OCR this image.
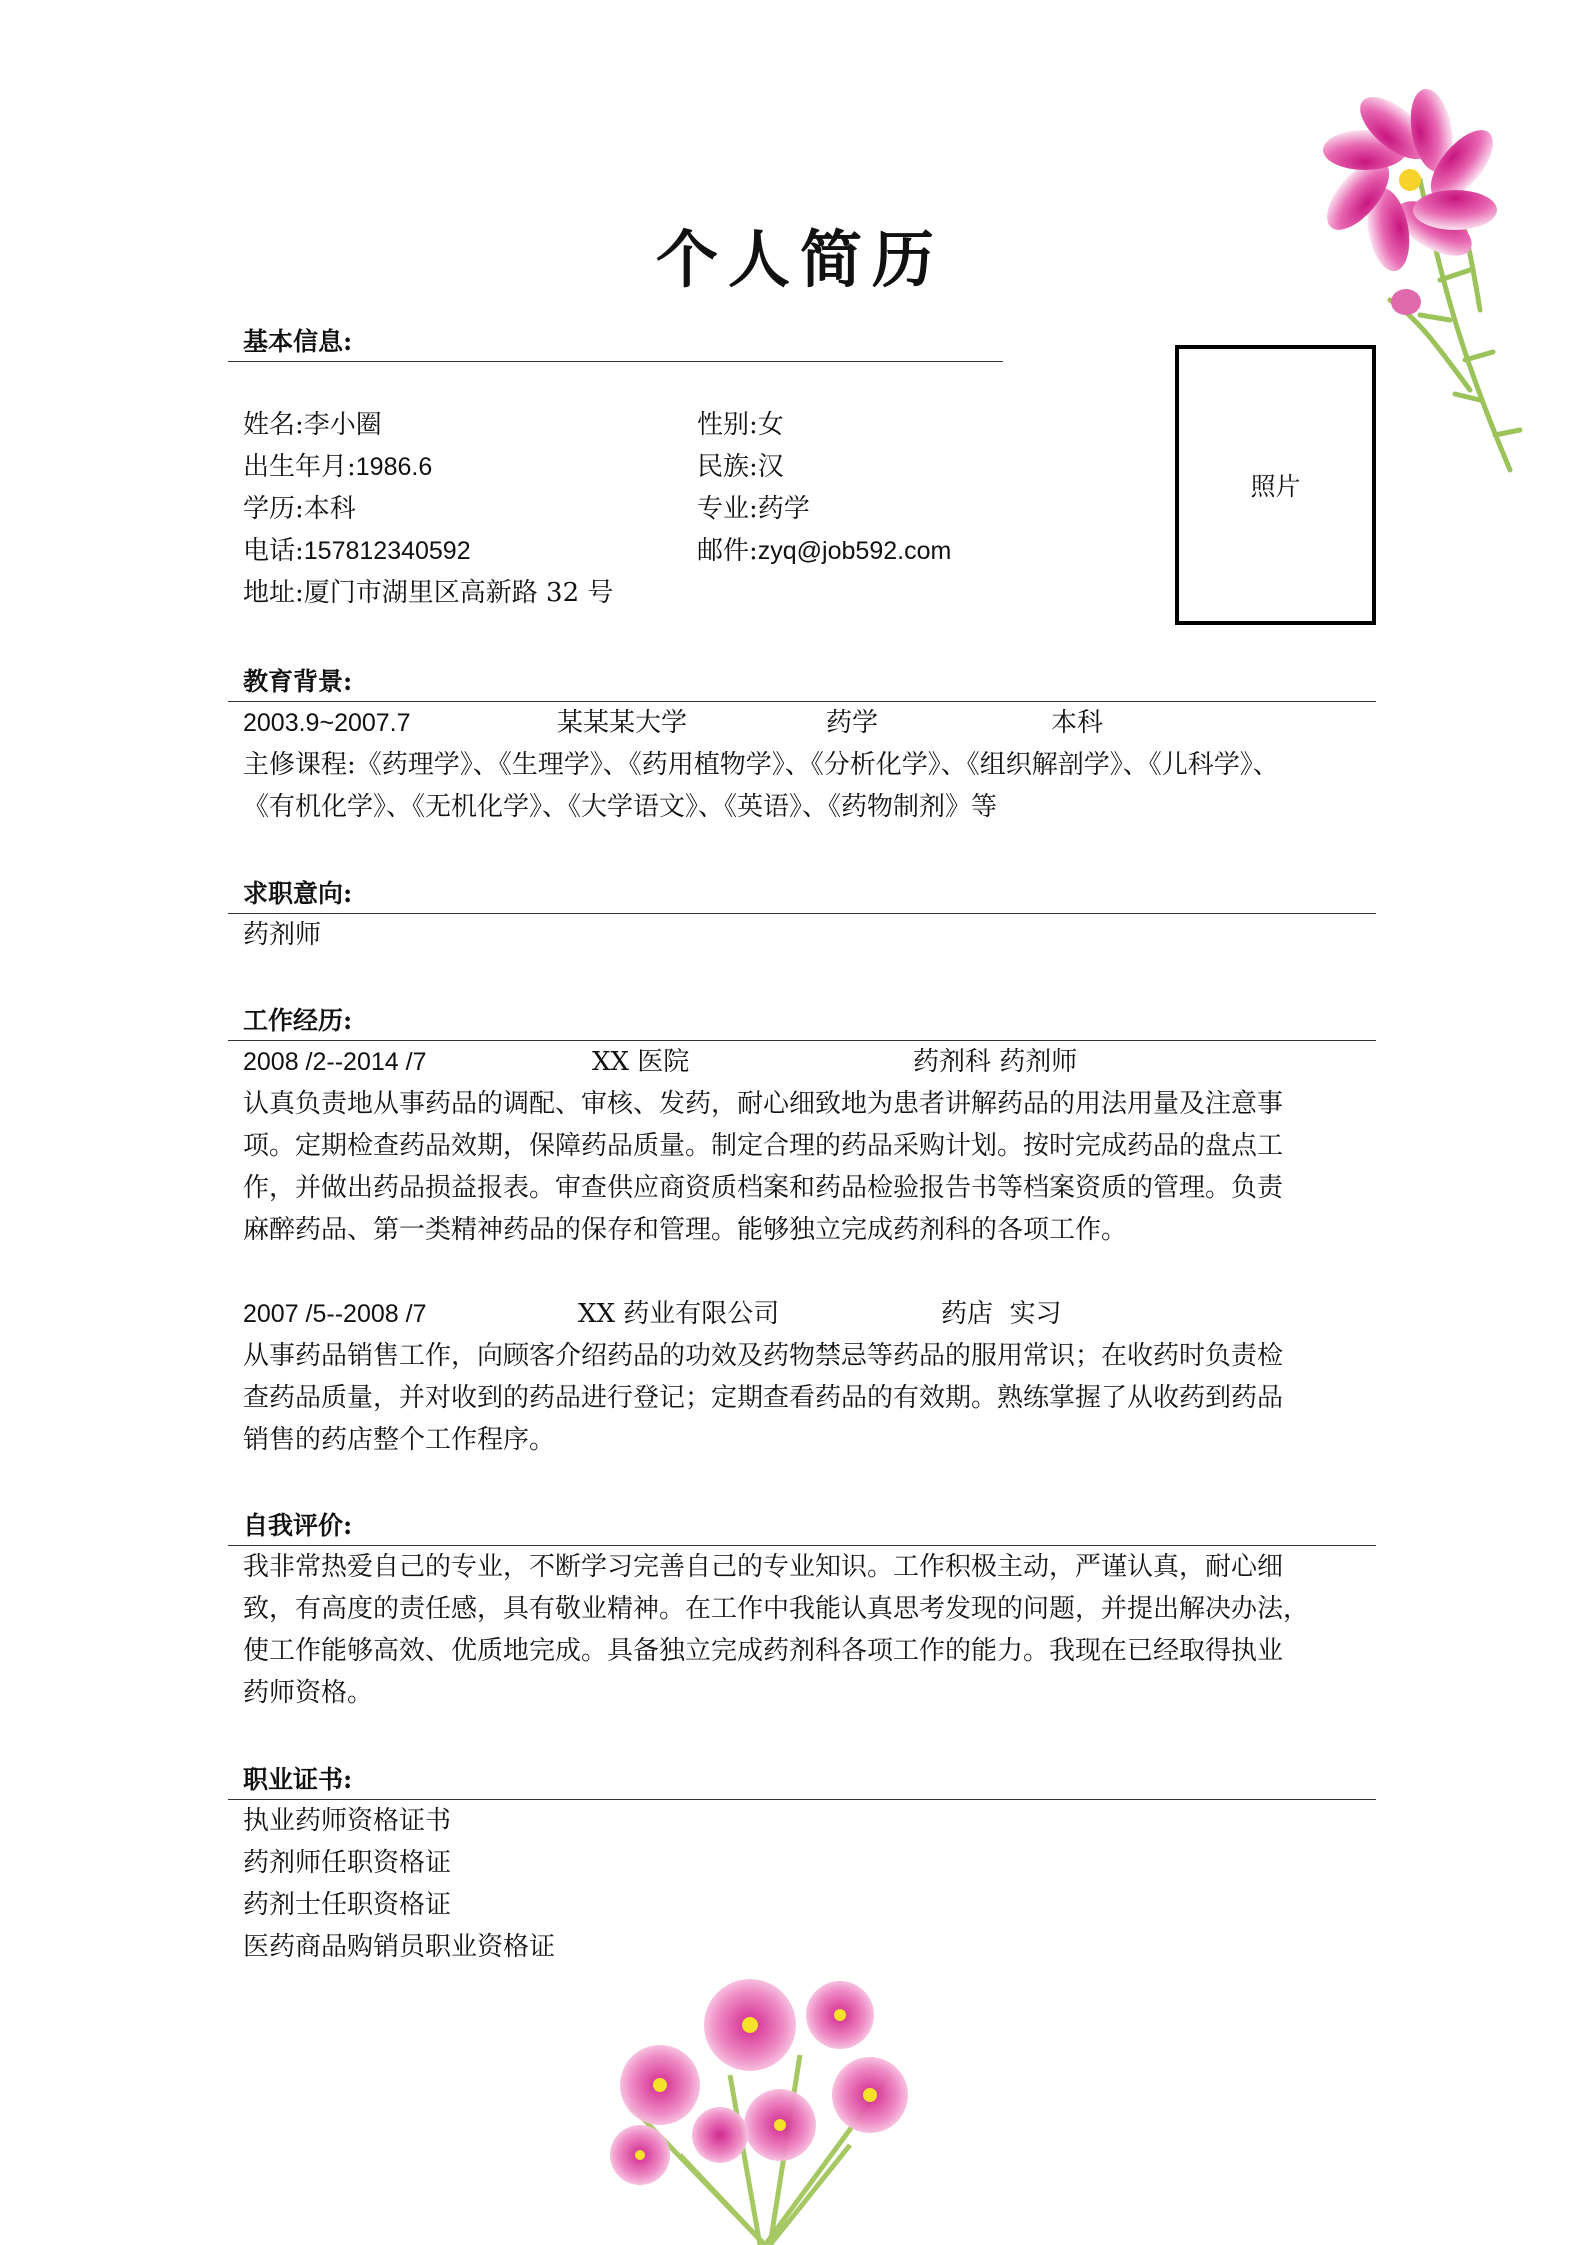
个人简历
基本信息:
姓名:李小圈	性别:女
出生年月:1986.6	民族:汉
学历:本科	专业:药学
电话:157812340592	邮件:zyq@job592.com
地址:厦门市湖里区高新路 32 号
照片
教育背景:
2003.9~2007.7	某某某大学	药学	本科
主修课程:《药理学》、《生理学》、《药用植物学》、《分析化学》、《组织解剖学》、《儿科学》、
《有机化学》、《无机化学》、《大学语文》、《英语》、《药物制剂》等
求职意向:
药剂师
工作经历:
2008 /2--2014 /7	XX 医院	药剂科 药剂师
认真负责地从事药品的调配、审核、发药，耐心细致地为患者讲解药品的用法用量及注意事
项。定期检查药品效期，保障药品质量。制定合理的药品采购计划。按时完成药品的盘点工
作，并做出药品损益报表。审查供应商资质档案和药品检验报告书等档案资质的管理。负责
麻醉药品、第一类精神药品的保存和管理。能够独立完成药剂科的各项工作。
2007 /5--2008 /7	XX 药业有限公司	药店  实习
从事药品销售工作，向顾客介绍药品的功效及药物禁忌等药品的服用常识；在收药时负责检
查药品质量，并对收到的药品进行登记；定期查看药品的有效期。熟练掌握了从收药到药品
销售的药店整个工作程序。
自我评价:
我非常热爱自己的专业，不断学习完善自己的专业知识。工作积极主动，严谨认真，耐心细
致，有高度的责任感，具有敬业精神。在工作中我能认真思考发现的问题，并提出解决办法，
使工作能够高效、优质地完成。具备独立完成药剂科各项工作的能力。我现在已经取得执业
药师资格。
职业证书:
执业药师资格证书
药剂师任职资格证
药剂士任职资格证
医药商品购销员职业资格证
